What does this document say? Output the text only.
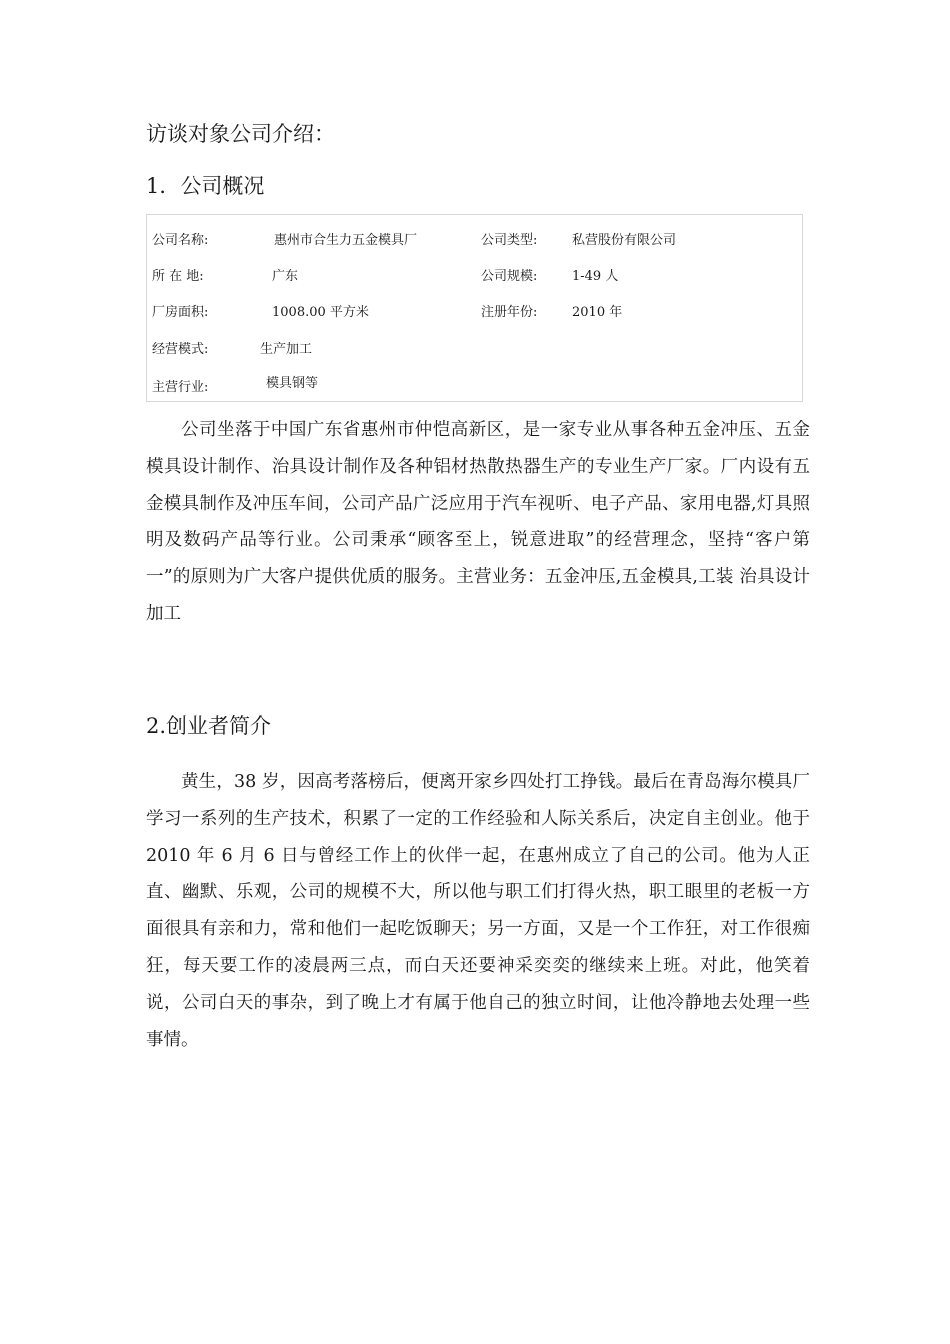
访谈对象公司介绍：
1．公司概况
公司名称:	惠州市合生力五金模具厂	公司类型:	私营股份有限公司
所 在 地:	广东	公司规模:	1-49 人
厂房面积:	1008.00 平方米	注册年份:	2010 年
经营模式:	生产加工
主营行业:	模具钢等

公司坐落于中国广东省惠州市仲恺高新区，是一家专业从事各种五金冲压、五金模具设计制作、治具设计制作及各种铝材热散热器生产的专业生产厂家。厂内设有五金模具制作及冲压车间，公司产品广泛应用于汽车视听、电子产品、家用电器,灯具照明及数码产品等行业。公司秉承“顾客至上，锐意进取”的经营理念，坚持“客户第一”的原则为广大客户提供优质的服务。主营业务：五金冲压,五金模具,工装 治具设计加工

2.创业者简介

黄生，38 岁，因高考落榜后，便离开家乡四处打工挣钱。最后在青岛海尔模具厂学习一系列的生产技术，积累了一定的工作经验和人际关系后，决定自主创业。他于 2010 年 6 月 6 日与曾经工作上的伙伴一起，在惠州成立了自己的公司。他为人正直、幽默、乐观，公司的规模不大，所以他与职工们打得火热，职工眼里的老板一方面很具有亲和力，常和他们一起吃饭聊天；另一方面，又是一个工作狂，对工作很痴狂，每天要工作的凌晨两三点，而白天还要神采奕奕的继续来上班。对此，他笑着说，公司白天的事杂，到了晚上才有属于他自己的独立时间，让他冷静地去处理一些事情。
